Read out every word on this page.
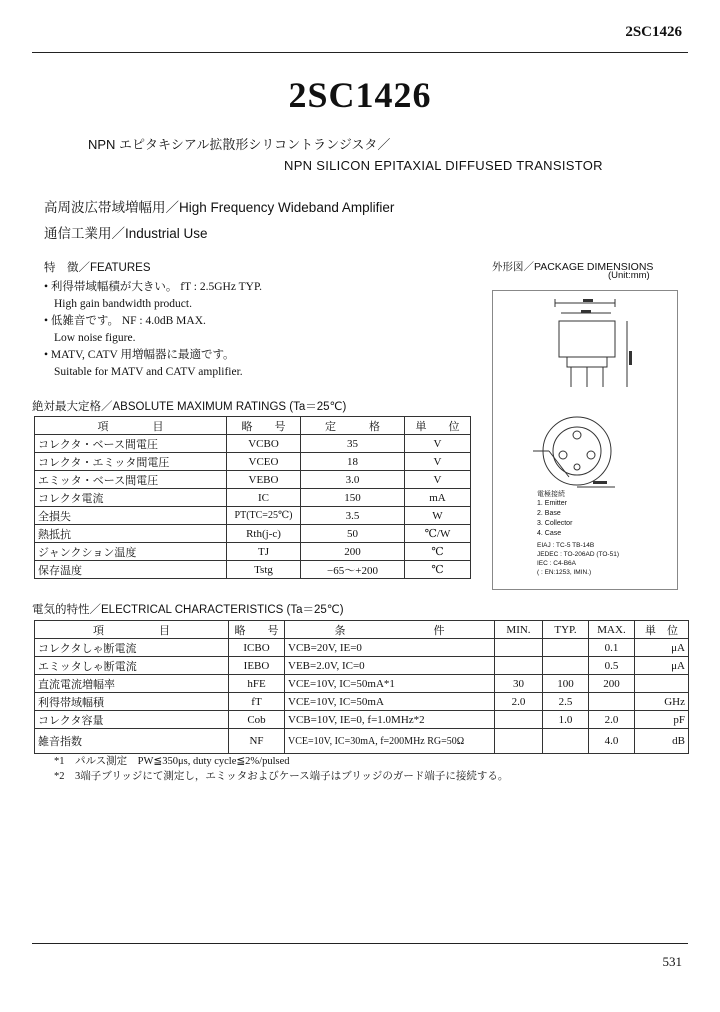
2SC1426
2SC1426
NPN エピタキシアル拡散形シリコントランジスタ／
NPN SILICON EPITAXIAL DIFFUSED TRANSISTOR
高周波広帯域増幅用／High Frequency Wideband Amplifier
通信工業用／Industrial Use
特　徴／FEATURES
• 利得帯域幅積が大きい。 fT : 2.5GHz TYP.
High gain bandwidth product.
• 低雑音です。 NF : 4.0dB MAX.
Low noise figure.
• MATV, CATV 用増幅器に最適です。
Suitable for MATV and CATV amplifier.
外形図／PACKAGE DIMENSIONS
(Unit:mm)
電極接続
1. Emitter
2. Base
3. Collector
4. Case
EIAJ : TC-5 TB-14B
JEDEC : TO-206AD (TO-51)
IEC : C4-B6A
( : EN:1253, IMIN.)
絶対最大定格／ABSOLUTE MAXIMUM RATINGS (Ta＝25℃)
項　　　　目	略　　号	定　　　格	単　　位
コレクタ・ベース間電圧	VCBO	35	V
コレクタ・エミッタ間電圧	VCEO	18	V
エミッタ・ベース間電圧	VEBO	3.0	V
コレクタ電流	IC	150	mA
全損失	PT(TC=25℃)	3.5	W
熱抵抗	Rth(j-c)	50	℃/W
ジャンクション温度	TJ	200	℃
保存温度	Tstg	−65〜+200	℃
電気的特性／ELECTRICAL CHARACTERISTICS (Ta＝25℃)
項　　　　　目	略　　号	条　　　　　　　　件	MIN.	TYP.	MAX.	単　位
コレクタしゃ断電流	ICBO	VCB=20V, IE=0			0.1	μA
エミッタしゃ断電流	IEBO	VEB=2.0V, IC=0			0.5	μA
直流電流増幅率	hFE	VCE=10V, IC=50mA*1	30	100	200	
利得帯域幅積	fT	VCE=10V, IC=50mA	2.0	2.5		GHz
コレクタ容量	Cob	VCB=10V, IE=0, f=1.0MHz*2		1.0	2.0	pF
雑音指数	NF	VCE=10V, IC=30mA, f=200MHz RG=50Ω			4.0	dB
*1　パルス測定　PW≦350μs, duty cycle≦2%/pulsed
*2　3端子ブリッジにて測定し，エミッタおよびケース端子はブリッジのガード端子に接続する。
531
